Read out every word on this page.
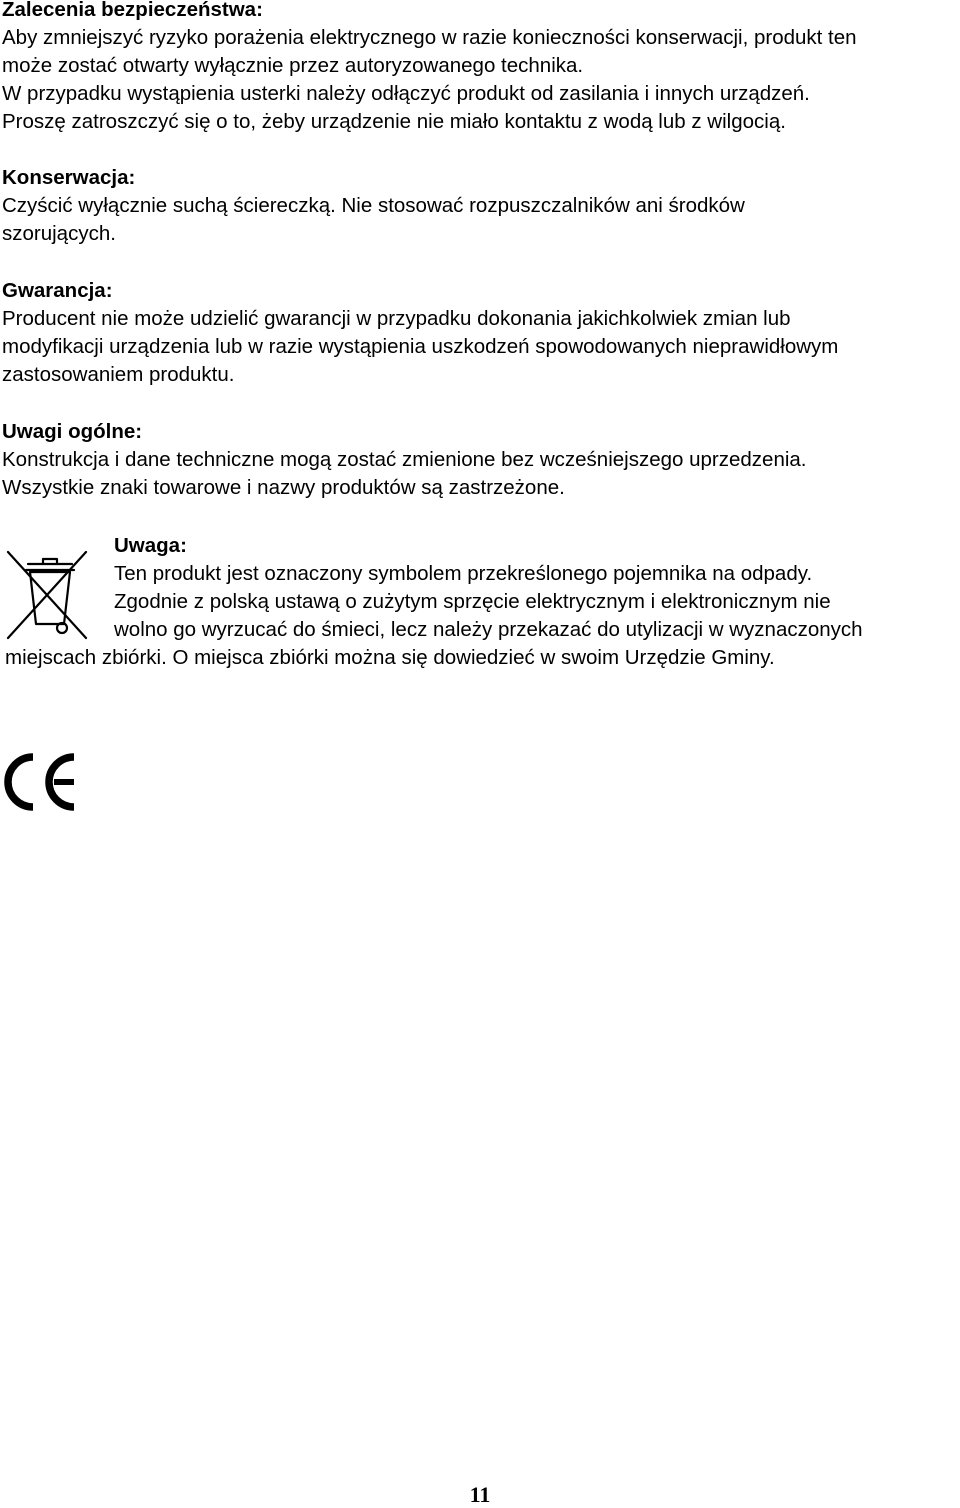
Zalecenia bezpieczeństwa:

Aby zmniejszyć ryzyko porażenia elektrycznego w razie konieczności konserwacji, produkt ten

może zostać otwarty wyłącznie przez autoryzowanego technika.

W przypadku wystąpienia usterki należy odłączyć produkt od zasilania i innych urządzeń.

Proszę zatroszczyć się o to, żeby urządzenie nie miało kontaktu z wodą lub z wilgocią.

Konserwacja:

Czyścić wyłącznie suchą ściereczką. Nie stosować rozpuszczalników ani środków

szorujących.

Gwarancja:

Producent nie może udzielić gwarancji w przypadku dokonania jakichkolwiek zmian lub

modyfikacji urządzenia lub w razie wystąpienia uszkodzeń spowodowanych nieprawidłowym

zastosowaniem produktu.

Uwagi ogólne:

Konstrukcja i dane techniczne mogą zostać zmienione bez wcześniejszego uprzedzenia.

Wszystkie znaki towarowe i nazwy produktów są zastrzeżone.

Uwaga:

Ten produkt jest oznaczony symbolem przekreślonego pojemnika na odpady.

Zgodnie z polską ustawą o zużytym sprzęcie elektrycznym i elektronicznym nie

wolno go wyrzucać do śmieci, lecz należy przekazać do utylizacji w wyznaczonych

miejscach zbiórki. O miejsca zbiórki można się dowiedzieć w swoim Urzędzie Gminy.

11
